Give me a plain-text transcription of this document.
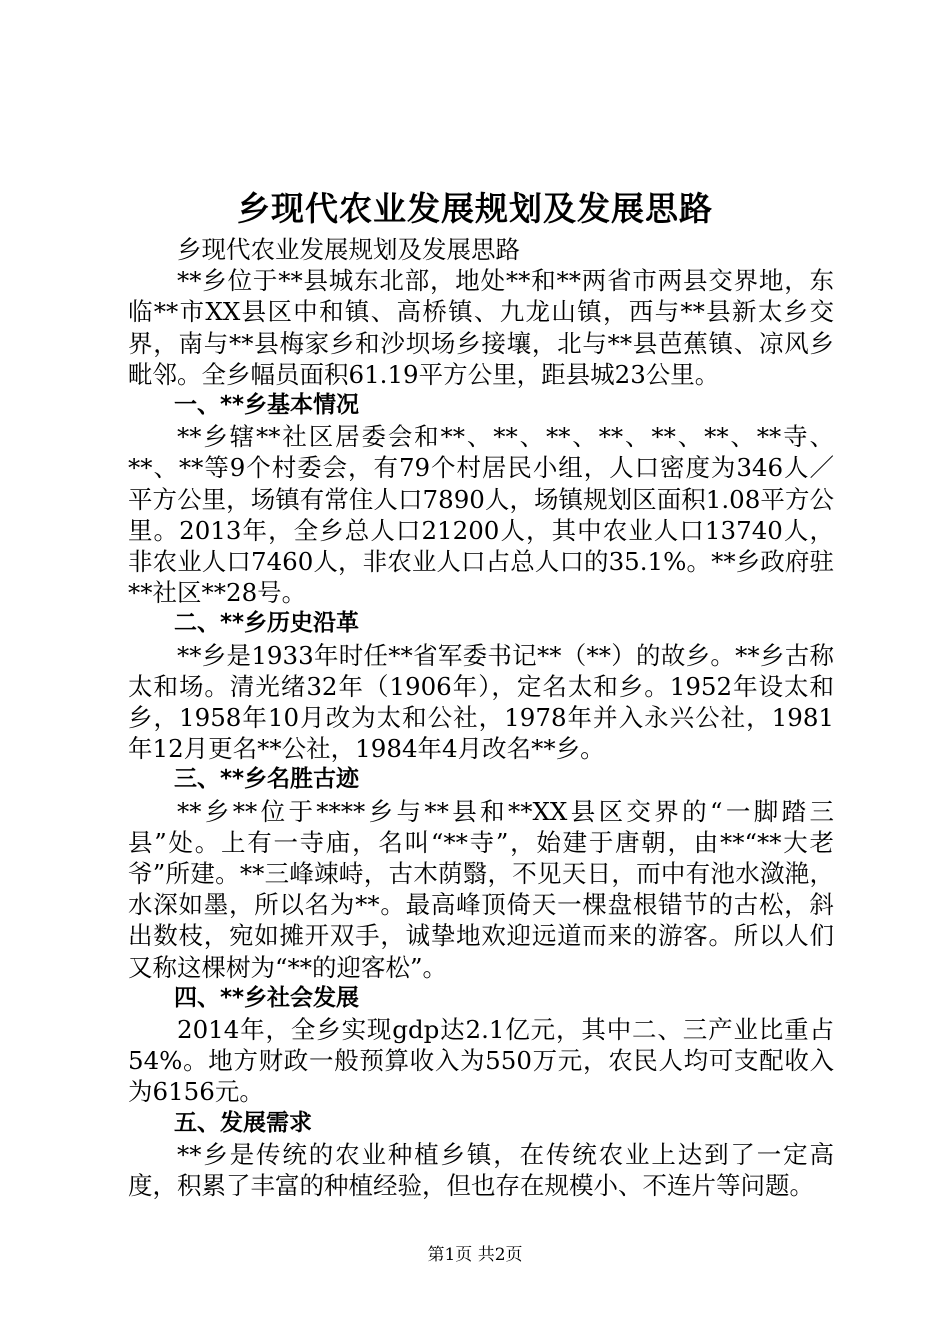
乡现代农业发展规划及发展思路

乡现代农业发展规划及发展思路

**乡位于**县城东北部，地处**和**两省市两县交界地，东临**市XX县区中和镇、高桥镇、九龙山镇，西与**县新太乡交界，南与**县梅家乡和沙坝场乡接壤，北与**县芭蕉镇、凉风乡毗邻。全乡幅员面积61.19平方公里，距县城23公里。

一、**乡基本情况

**乡辖**社区居委会和**、**、**、**、**、**、**寺、**、**等9个村委会，有79个村居民小组，人口密度为346人／平方公里，场镇有常住人口7890人，场镇规划区面积1.08平方公里。2013年，全乡总人口21200人，其中农业人口13740人，非农业人口7460人，非农业人口占总人口的35.1%。**乡政府驻**社区**28号。

二、**乡历史沿革

**乡是1933年时任**省军委书记**（**）的故乡。**乡古称太和场。清光绪32年（1906年），定名太和乡。1952年设太和乡，1958年10月改为太和公社，1978年并入永兴公社，1981年12月更名**公社，1984年4月改名**乡。

三、**乡名胜古迹

**乡**位于****乡与**县和**XX县区交界的“一脚踏三县”处。上有一寺庙，名叫“**寺”，始建于唐朝，由**“**大老爷”所建。**三峰竦峙，古木荫翳，不见天日，而中有池水潋滟，水深如墨，所以名为**。最高峰顶倚天一棵盘根错节的古松，斜出数枝，宛如摊开双手，诚挚地欢迎远道而来的游客。所以人们又称这棵树为“**的迎客松”。

四、**乡社会发展

2014年，全乡实现gdp达2.1亿元，其中二、三产业比重占54%。地方财政一般预算收入为550万元，农民人均可支配收入为6156元。

五、发展需求

**乡是传统的农业种植乡镇，在传统农业上达到了一定高度，积累了丰富的种植经验，但也存在规模小、不连片等问题。

第1页 共2页
